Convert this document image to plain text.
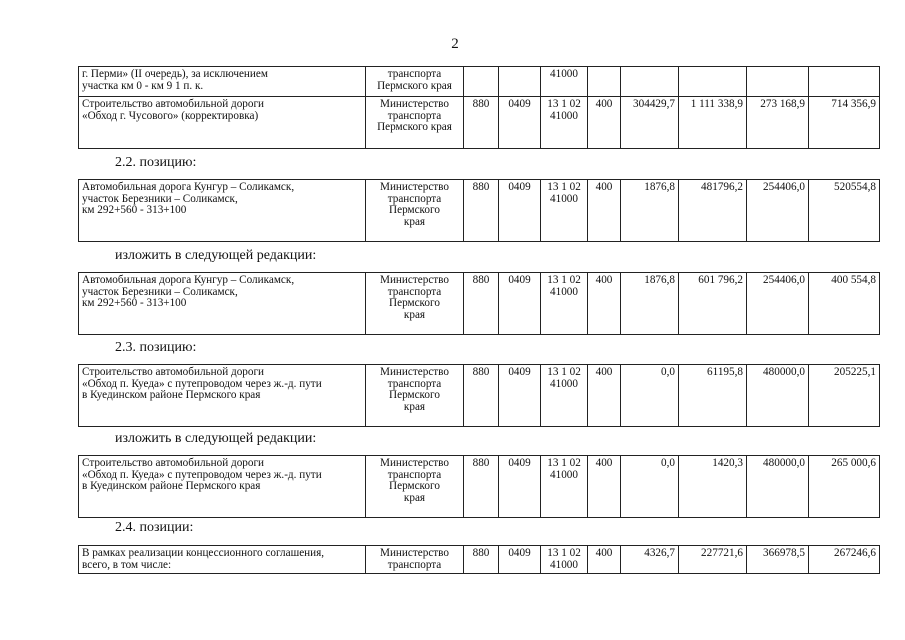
2
г. Перми» (II очередь), за исключением
участка км 0 - км 9 1 п. к.	транспорта
Пермского края			41000					
Строительство автомобильной дороги
«Обход г. Чусового» (корректировка)	Министерство
транспорта
Пермского края	880	0409	13 1 02
41000	400	304429,7	1 111 338,9	273 168,9	714 356,9
2.2. позицию:
Автомобильная дорога Кунгур – Соликамск,
участок Березники – Соликамск,
км 292+560 - 313+100	Министерство
транспорта
Пермского
края	880	0409	13 1 02
41000	400	1876,8	481796,2	254406,0	520554,8
изложить в следующей редакции:
Автомобильная дорога Кунгур – Соликамск,
участок Березники – Соликамск,
км 292+560 - 313+100	Министерство
транспорта
Пермского
края	880	0409	13 1 02
41000	400	1876,8	601 796,2	254406,0	400 554,8
2.3. позицию:
Строительство автомобильной дороги
«Обход п. Куеда» с путепроводом через ж.-д. пути
в Куединском районе Пермского края	Министерство
транспорта
Пермского
края	880	0409	13 1 02
41000	400	0,0	61195,8	480000,0	205225,1
изложить в следующей редакции:
Строительство автомобильной дороги
«Обход п. Куеда» с путепроводом через ж.-д. пути
в Куединском районе Пермского края	Министерство
транспорта
Пермского
края	880	0409	13 1 02
41000	400	0,0	1420,3	480000,0	265 000,6
2.4. позиции:
В рамках реализации концессионного соглашения,
всего, в том числе:	Министерство
транспорта	880	0409	13 1 02
41000	400	4326,7	227721,6	366978,5	267246,6
